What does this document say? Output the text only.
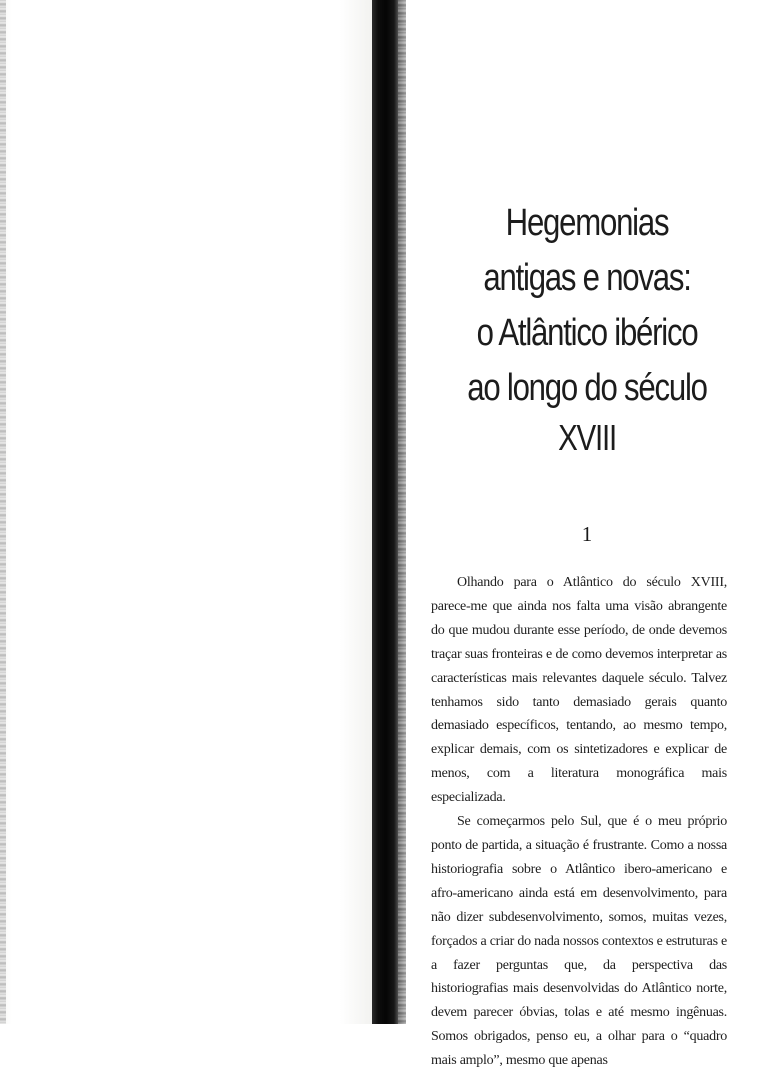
Hegemonias
antigas e novas:
o Atlântico ibérico
ao longo do século
XVIII
1

Olhando para o Atlântico do século XVIII, parece-me que ainda nos falta uma visão abrangente do que mudou durante esse período, de onde devemos traçar suas fronteiras e de como devemos interpretar as características mais relevantes daquele século. Talvez tenhamos sido tanto demasiado gerais quanto demasiado específicos, tentando, ao mesmo tempo, explicar demais, com os sintetizadores e explicar de menos, com a literatura monográfica mais especializada.

Se começarmos pelo Sul, que é o meu próprio ponto de partida, a situação é frustrante. Como a nossa historiografia sobre o Atlântico ibero-americano e afro-americano ainda está em desenvolvimento, para não dizer subdesenvolvimento, somos, muitas vezes, forçados a criar do nada nossos contextos e estruturas e a fazer perguntas que, da perspectiva das historiografias mais desenvolvidas do Atlântico norte, devem parecer óbvias, tolas e até mesmo ingênuas. Somos obrigados, penso eu, a olhar para o “quadro mais amplo”, mesmo que apenas
